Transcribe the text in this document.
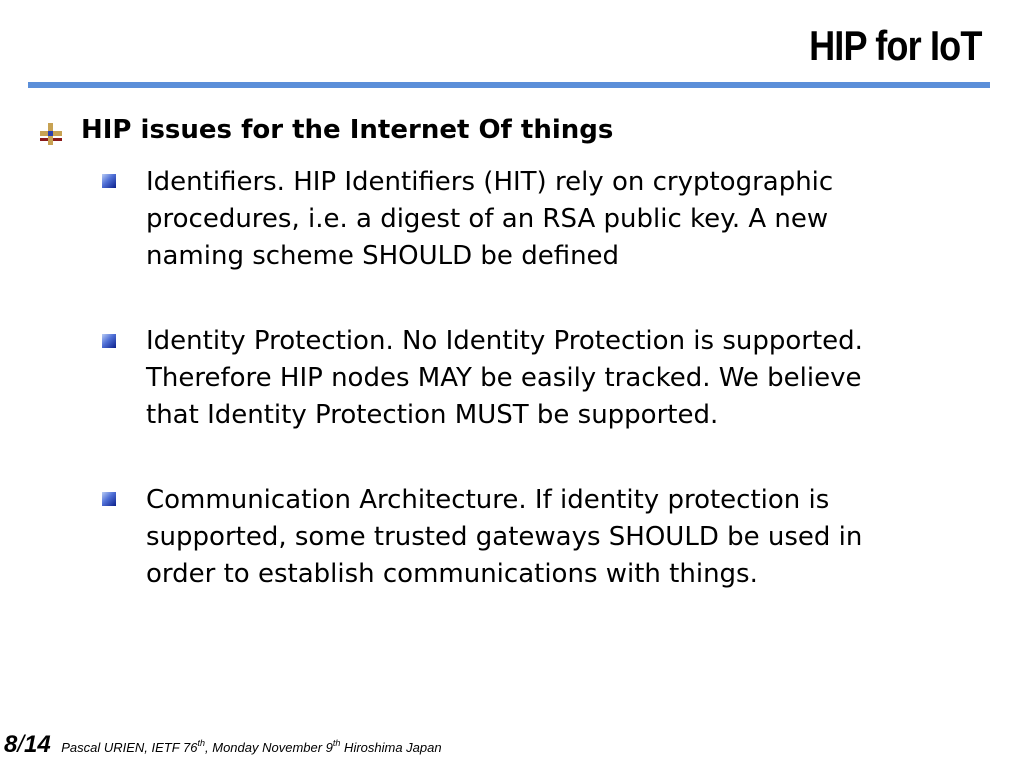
HIP for IoT
HIP issues for the Internet Of things
Identifiers. HIP Identifiers (HIT) rely on cryptographic procedures, i.e. a digest of an RSA public key. A new naming scheme SHOULD be defined
Identity Protection. No Identity Protection is supported. Therefore HIP nodes MAY be easily tracked. We believe that Identity Protection MUST be supported.
Communication Architecture. If identity protection is supported, some trusted gateways SHOULD be used in order to establish communications with things.
8/14 Pascal URIEN, IETF 76th, Monday November 9th Hiroshima Japan
